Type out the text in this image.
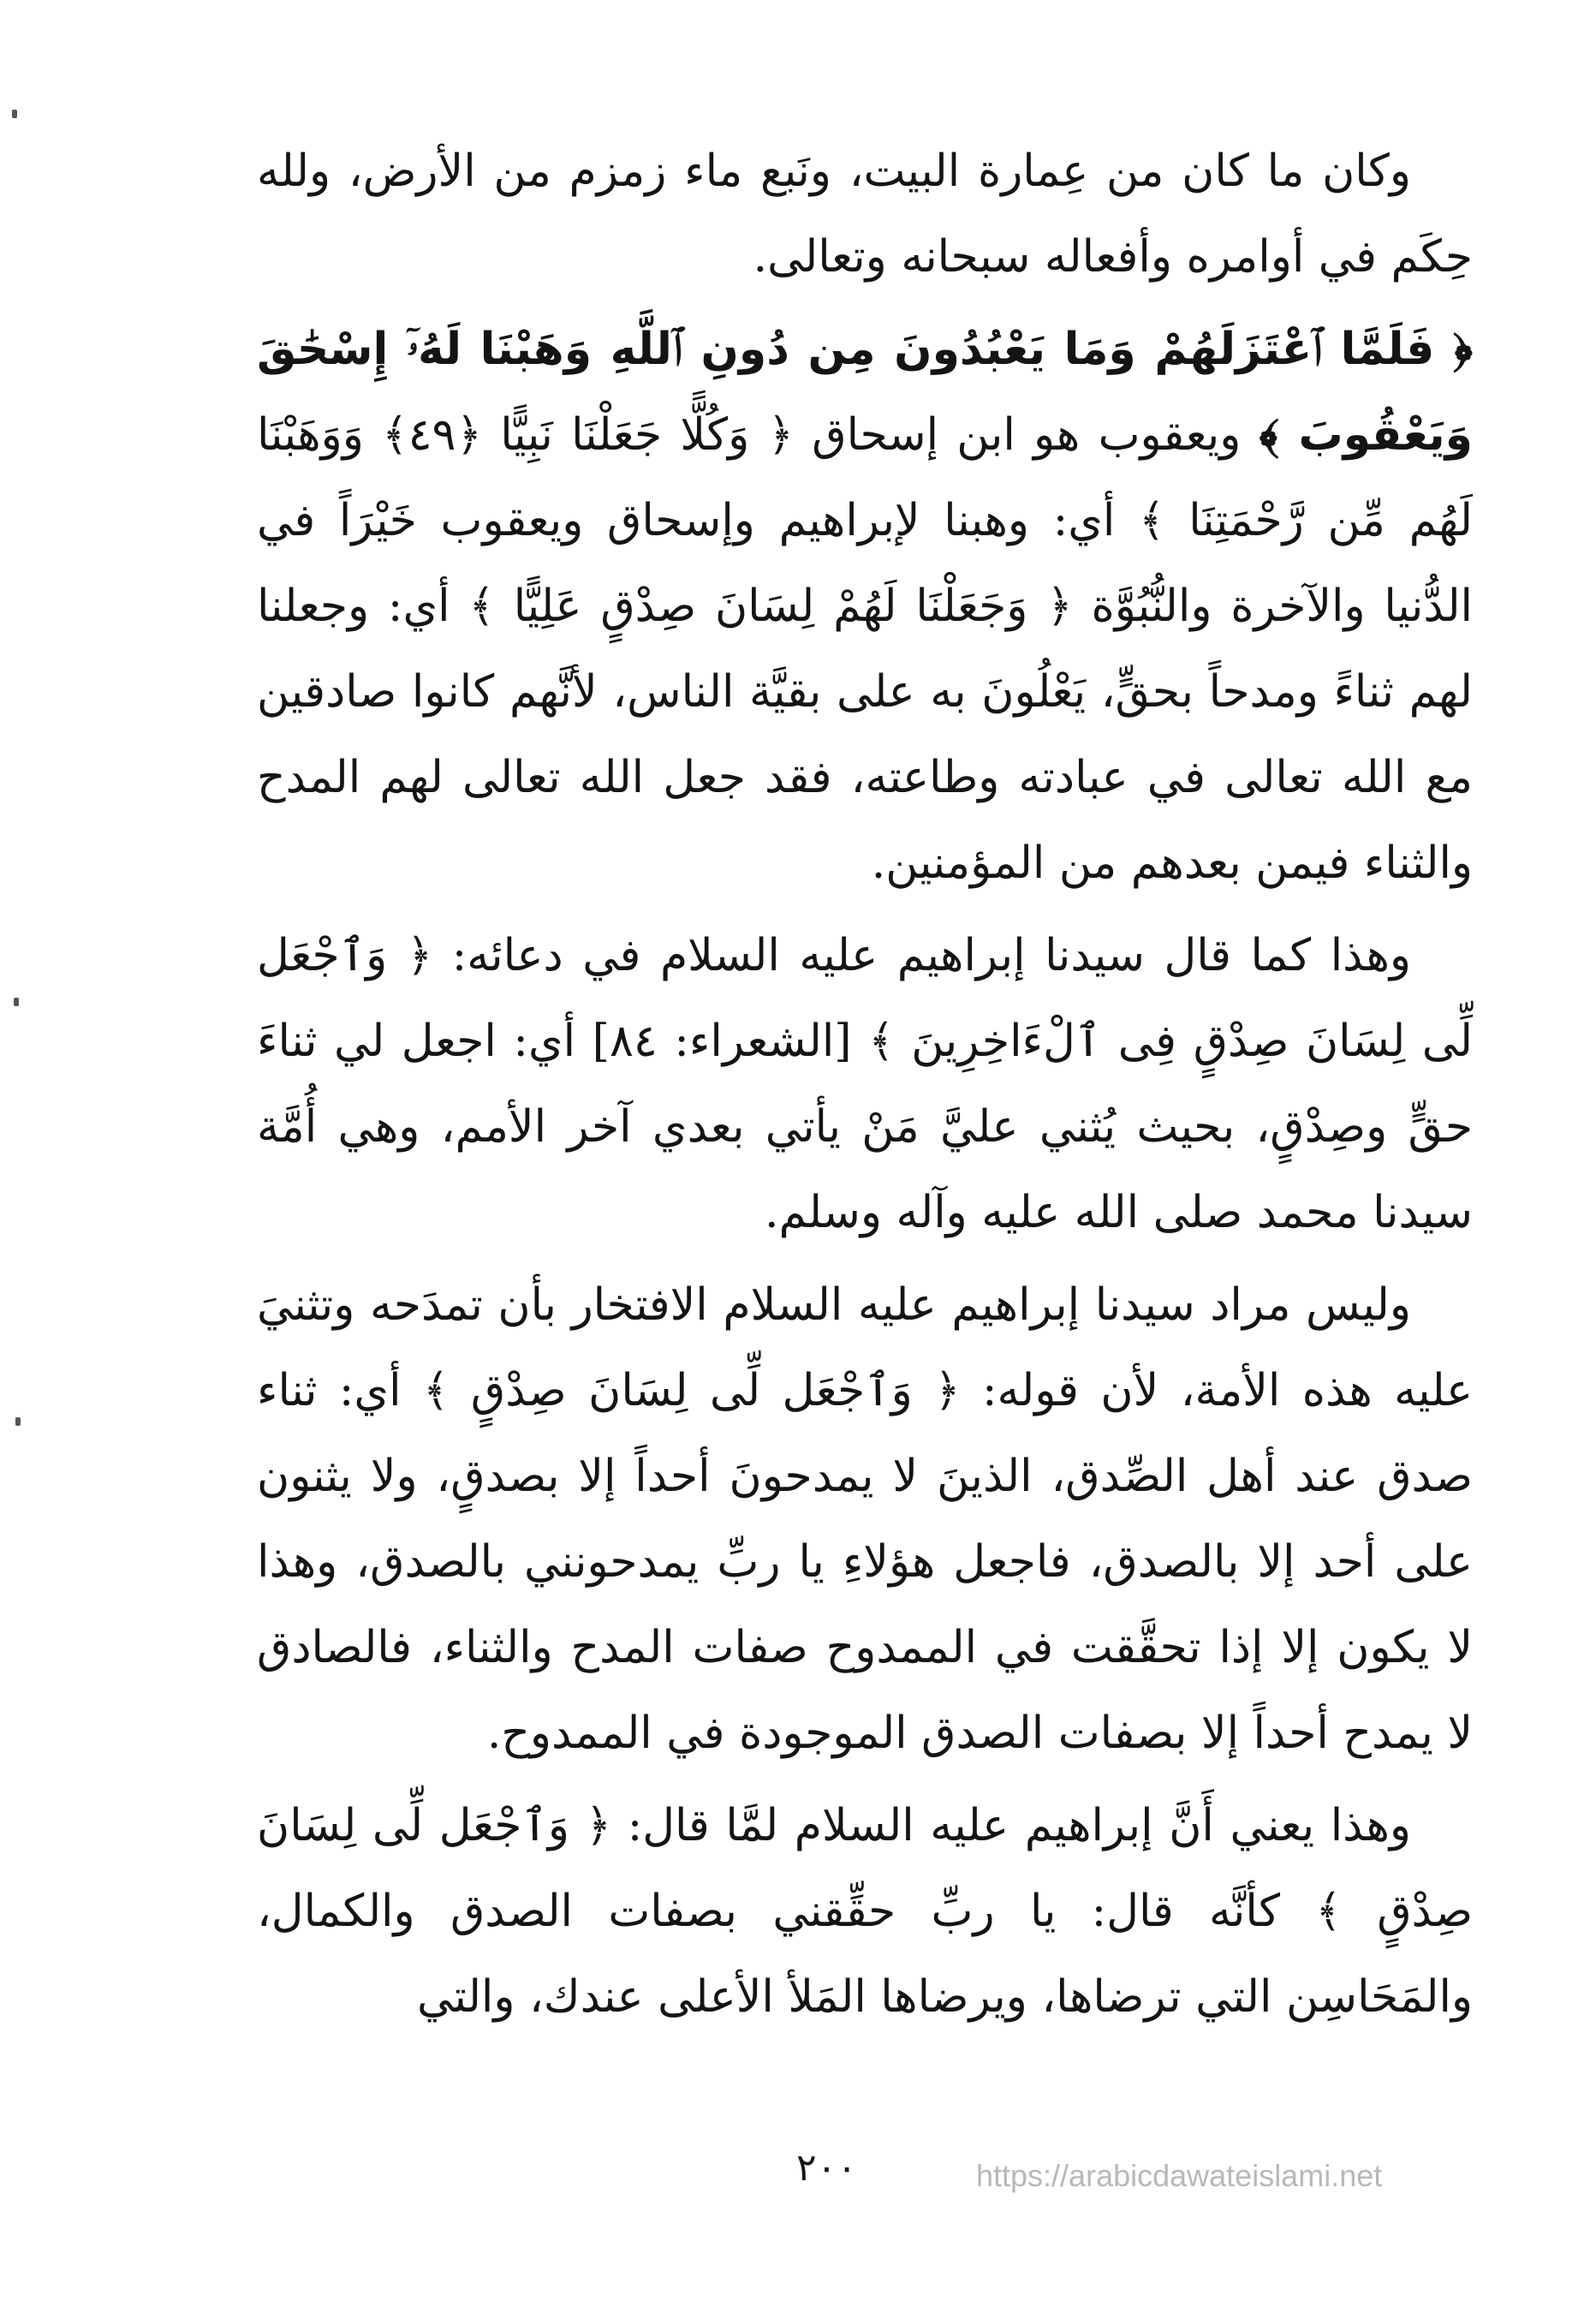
وكان ما كان من عِمارة البيت، ونَبع ماء زمزم من الأرض، ولله حِكَم في أوامره وأفعاله سبحانه وتعالى.

﴿ فَلَمَّا ٱعْتَزَلَهُمْ وَمَا يَعْبُدُونَ مِن دُونِ ٱللَّهِ وَهَبْنَا لَهُۥٓ إِسْحَٰقَ وَيَعْقُوبَ ﴾ ويعقوب هو ابن إسحاق ﴿ وَكُلًّا جَعَلْنَا نَبِيًّا ﴿٤٩﴾ وَوَهَبْنَا لَهُم مِّن رَّحْمَتِنَا ﴾ أي: وهبنا لإبراهيم وإسحاق ويعقوب خَيْرَاً في الدُّنيا والآخرة والنُّبُوَّة ﴿ وَجَعَلْنَا لَهُمْ لِسَانَ صِدْقٍ عَلِيًّا ﴾ أي: وجعلنا لهم ثناءً ومدحاً بحقٍّ، يَعْلُونَ به على بقيَّة الناس، لأنَّهم كانوا صادقين مع الله تعالى في عبادته وطاعته، فقد جعل الله تعالى لهم المدح والثناء فيمن بعدهم من المؤمنين.

وهذا كما قال سيدنا إبراهيم عليه السلام في دعائه: ﴿ وَٱجْعَل لِّى لِسَانَ صِدْقٍ فِى ٱلْءَاخِرِينَ ﴾ [الشعراء: ٨٤] أي: اجعل لي ثناءَ حقٍّ وصِدْقٍ، بحيث يُثني عليَّ مَنْ يأتي بعدي آخر الأمم، وهي أُمَّة سيدنا محمد صلى الله عليه وآله وسلم.

وليس مراد سيدنا إبراهيم عليه السلام الافتخار بأن تمدَحه وتثنيَ عليه هذه الأمة، لأن قوله: ﴿ وَٱجْعَل لِّى لِسَانَ صِدْقٍ ﴾ أي: ثناء صدق عند أهل الصِّدق، الذينَ لا يمدحونَ أحداً إلا بصدقٍ، ولا يثنون على أحد إلا بالصدق، فاجعل هؤلاءِ يا ربِّ يمدحونني بالصدق، وهذا لا يكون إلا إذا تحقَّقت في الممدوح صفات المدح والثناء، فالصادق لا يمدح أحداً إلا بصفات الصدق الموجودة في الممدوح.

وهذا يعني أَنَّ إبراهيم عليه السلام لمَّا قال: ﴿ وَٱجْعَل لِّى لِسَانَ صِدْقٍ ﴾ كأنَّه قال: يا ربِّ حقِّقني بصفات الصدق والكمال، والمَحَاسِن التي ترضاها، ويرضاها المَلأ الأعلى عندك، والتي

٢٠٠	https://arabicdawateislami.net
